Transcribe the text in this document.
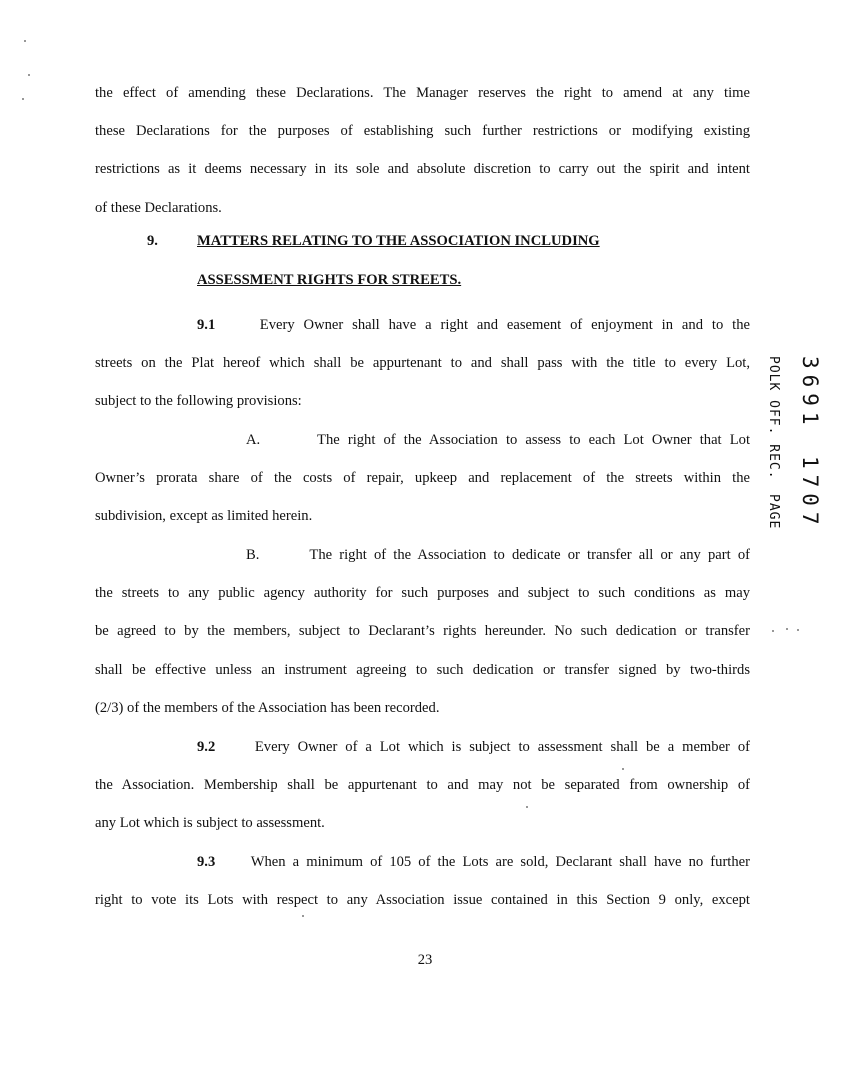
the effect of amending these Declarations. The Manager reserves the right to amend at any time
these Declarations for the purposes of establishing such further restrictions or modifying existing
restrictions as it deems necessary in its sole and absolute discretion to carry out the spirit and intent
of these Declarations.
9.	MATTERS RELATING TO THE ASSOCIATION INCLUDING
ASSESSMENT RIGHTS FOR STREETS.
9.1	Every Owner shall have a right and easement of enjoyment in and to the
streets on the Plat hereof which shall be appurtenant to and shall pass with the title to every Lot,
subject to the following provisions:
A.	The right of the Association to assess to each Lot Owner that Lot
Owner’s prorata share of the costs of repair, upkeep and replacement of the streets within the
subdivision, except as limited herein.
B.	The right of the Association to dedicate or transfer all or any part of
the streets to any public agency authority for such purposes and subject to such conditions as may
be agreed to by the members, subject to Declarant’s rights hereunder. No such dedication or transfer
shall be effective unless an instrument agreeing to such dedication or transfer signed by two-thirds
(2/3) of the members of the Association has been recorded.
9.2	Every Owner of a Lot which is subject to assessment shall be a member of
the Association. Membership shall be appurtenant to and may not be separated from ownership of
any Lot which is subject to assessment.
9.3 When a minimum of 105 of the Lots are sold, Declarant shall have no further
right to vote its Lots with respect to any Association issue contained in this Section 9 only, except
23
3691
1707
POLK OFF. REC.
PAGE
